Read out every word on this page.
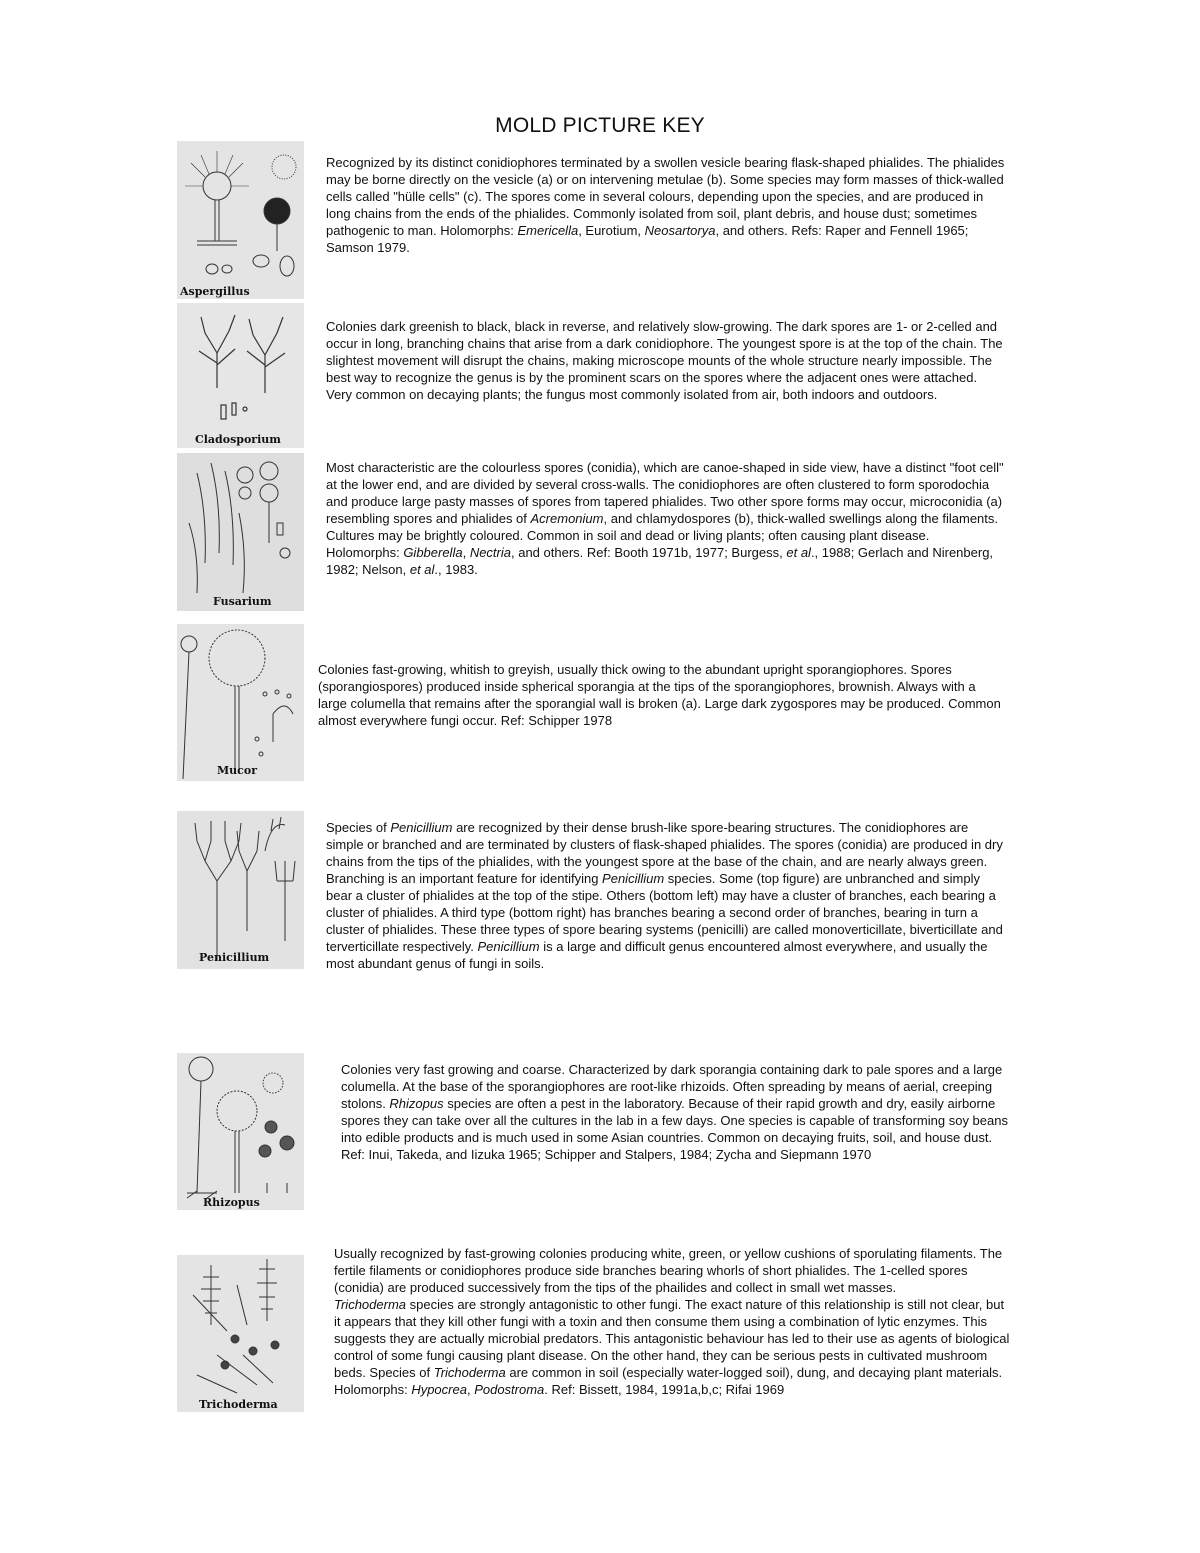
MOLD PICTURE KEY
Aspergillus
Recognized by its distinct conidiophores terminated by a swollen vesicle bearing flask-shaped phialides. The phialides may be borne directly on the vesicle (a) or on intervening metulae (b). Some species may form masses of thick-walled cells called "hülle cells" (c). The spores come in several colours, depending upon the species, and are produced in long chains from the ends of the phialides. Commonly isolated from soil, plant debris, and house dust; sometimes pathogenic to man. Holomorphs: Emericella, Eurotium, Neosartorya, and others. Refs: Raper and Fennell 1965; Samson 1979.
Cladosporium
Colonies dark greenish to black, black in reverse, and relatively slow-growing. The dark spores are 1- or 2-celled and occur in long, branching chains that arise from a dark conidiophore. The youngest spore is at the top of the chain. The slightest movement will disrupt the chains, making microscope mounts of the whole structure nearly impossible. The best way to recognize the genus is by the prominent scars on the spores where the adjacent ones were attached. Very common on decaying plants; the fungus most commonly isolated from air, both indoors and outdoors.
Fusarium
Most characteristic are the colourless spores (conidia), which are canoe-shaped in side view, have a distinct "foot cell" at the lower end, and are divided by several cross-walls. The conidiophores are often clustered to form sporodochia and produce large pasty masses of spores from tapered phialides. Two other spore forms may occur, microconidia (a) resembling spores and phialides of Acremonium, and chlamydospores (b), thick-walled swellings along the filaments. Cultures may be brightly coloured. Common in soil and dead or living plants; often causing plant disease. Holomorphs: Gibberella, Nectria, and others. Ref: Booth 1971b, 1977; Burgess, et al., 1988; Gerlach and Nirenberg, 1982; Nelson, et al., 1983.
Mucor
Colonies fast-growing, whitish to greyish, usually thick owing to the abundant upright sporangiophores. Spores (sporangiospores) produced inside spherical sporangia at the tips of the sporangiophores, brownish. Always with a large columella that remains after the sporangial wall is broken (a). Large dark zygospores may be produced. Common almost everywhere fungi occur. Ref: Schipper 1978
Penicillium
Species of Penicillium are recognized by their dense brush-like spore-bearing structures. The conidiophores are simple or branched and are terminated by clusters of flask-shaped phialides. The spores (conidia) are produced in dry chains from the tips of the phialides, with the youngest spore at the base of the chain, and are nearly always green. Branching is an important feature for identifying Penicillium species. Some (top figure) are unbranched and simply bear a cluster of phialides at the top of the stipe. Others (bottom left) may have a cluster of branches, each bearing a cluster of phialides. A third type (bottom right) has branches bearing a second order of branches, bearing in turn a cluster of phialides. These three types of spore bearing systems (penicilli) are called monoverticillate, biverticillate and terverticillate respectively. Penicillium is a large and difficult genus encountered almost everywhere, and usually the most abundant genus of fungi in soils.
Rhizopus
Colonies very fast growing and coarse. Characterized by dark sporangia containing dark to pale spores and a large columella. At the base of the sporangiophores are root-like rhizoids. Often spreading by means of aerial, creeping stolons. Rhizopus species are often a pest in the laboratory. Because of their rapid growth and dry, easily airborne spores they can take over all the cultures in the lab in a few days. One species is capable of transforming soy beans into edible products and is much used in some Asian countries. Common on decaying fruits, soil, and house dust. Ref: Inui, Takeda, and Iizuka 1965; Schipper and Stalpers, 1984; Zycha and Siepmann 1970
Trichoderma
Usually recognized by fast-growing colonies producing white, green, or yellow cushions of sporulating filaments. The fertile filaments or conidiophores produce side branches bearing whorls of short phialides. The 1-celled spores (conidia) are produced successively from the tips of the phailides and collect in small wet masses.
Trichoderma species are strongly antagonistic to other fungi. The exact nature of this relationship is still not clear, but it appears that they kill other fungi with a toxin and then consume them using a combination of lytic enzymes. This suggests they are actually microbial predators. This antagonistic behaviour has led to their use as agents of biological control of some fungi causing plant disease. On the other hand, they can be serious pests in cultivated mushroom beds. Species of Trichoderma are common in soil (especially water-logged soil), dung, and decaying plant materials. Holomorphs: Hypocrea, Podostroma. Ref: Bissett, 1984, 1991a,b,c; Rifai 1969
